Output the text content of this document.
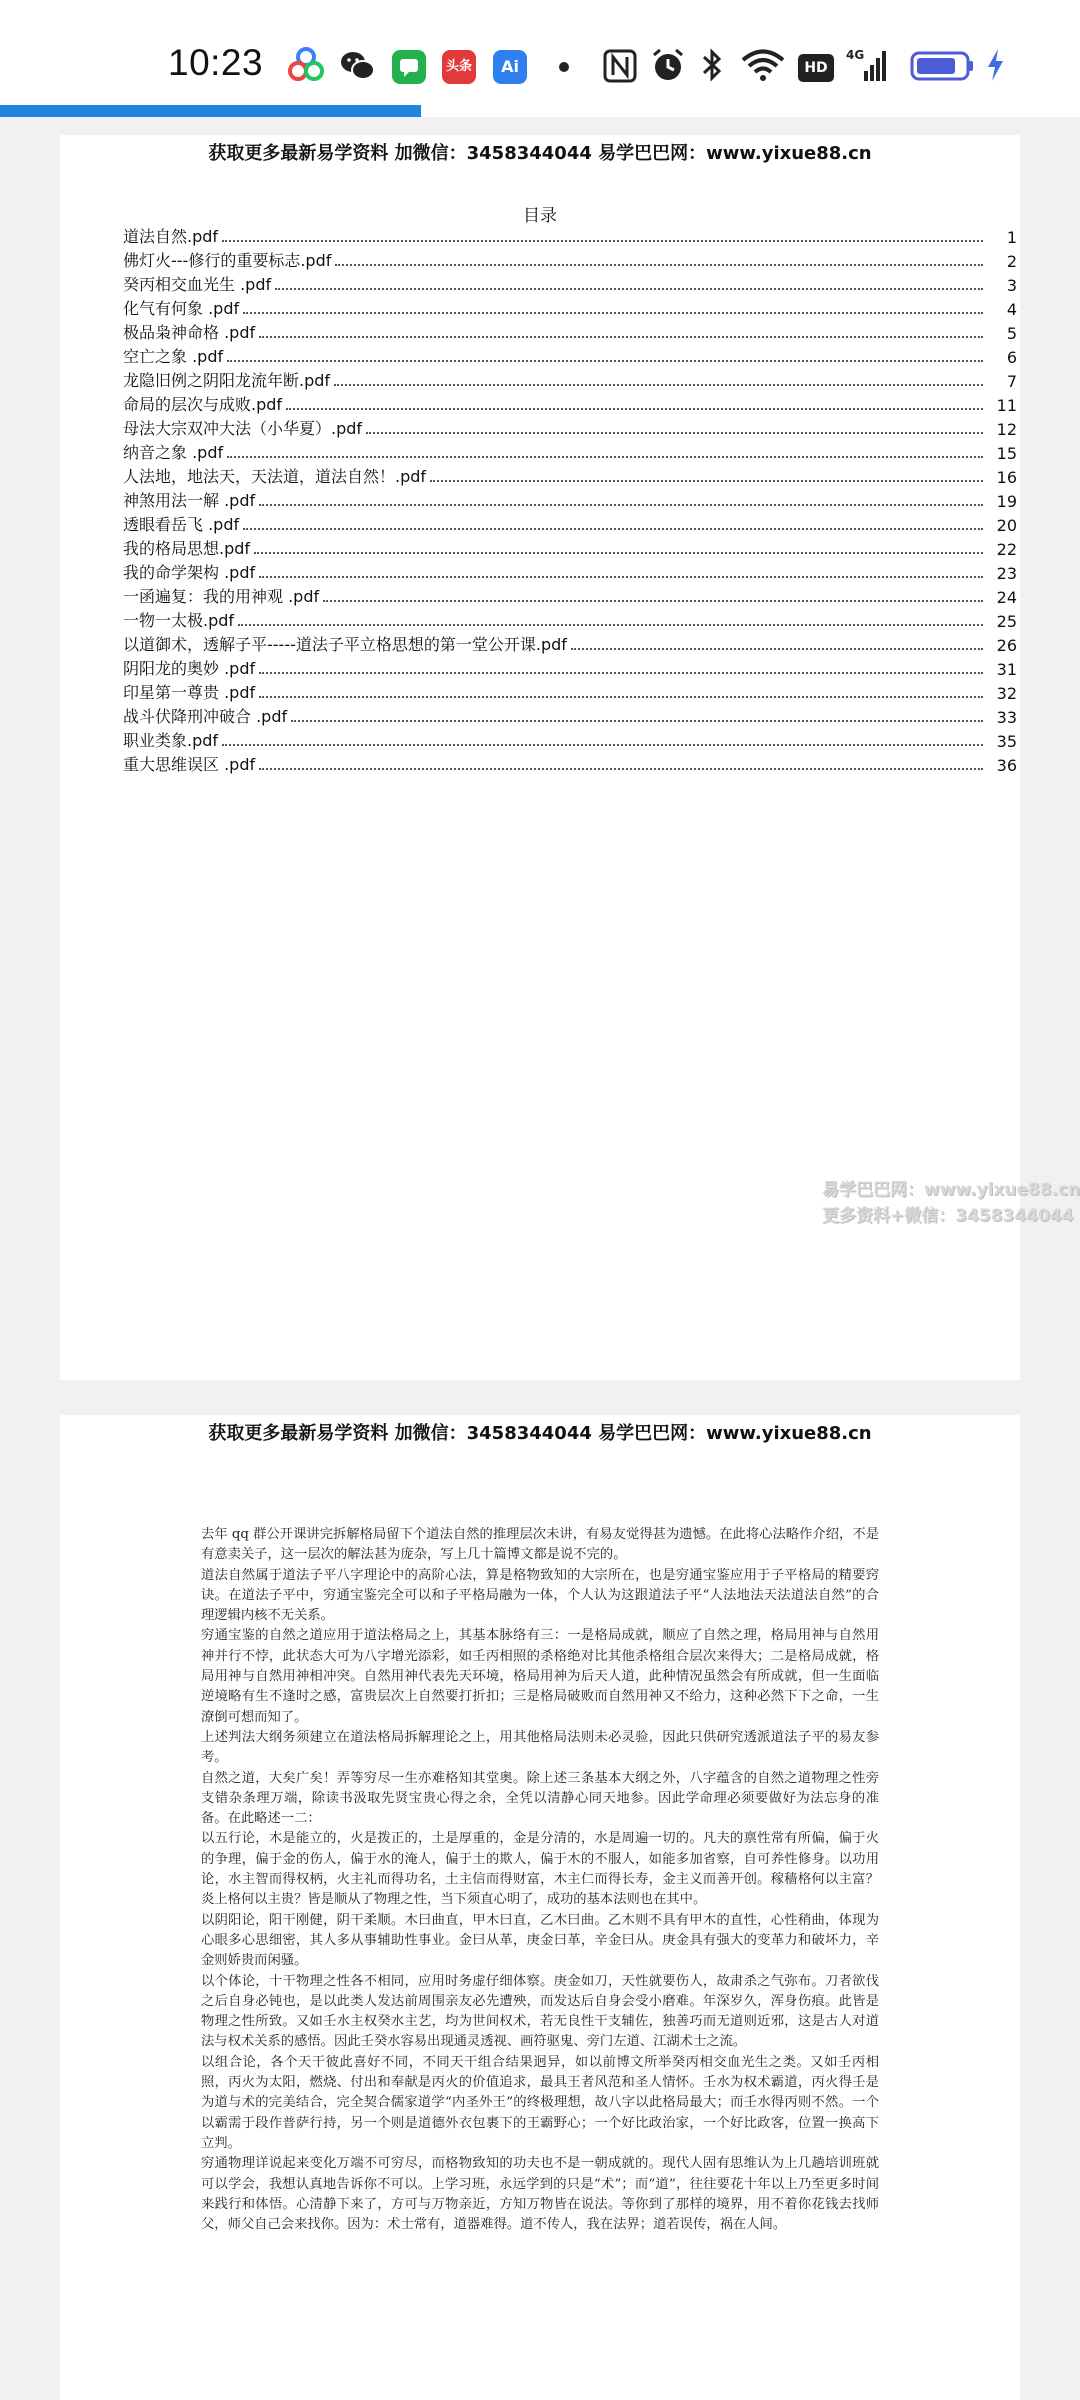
10:23	头条	Ai	HD
4G
获取更多最新易学资料 加微信：3458344044 易学巴巴网：www.yixue88.cn
目录
道法自然.pdf	1
佛灯火---修行的重要标志.pdf	2
癸丙相交血光生 .pdf	3
化气有何象 .pdf	4
极品枭神命格 .pdf	5
空亡之象 .pdf	6
龙隐旧例之阴阳龙流年断.pdf	7
命局的层次与成败.pdf	11
母法大宗双冲大法（小华夏）.pdf	12
纳音之象 .pdf	15
人法地，地法天，天法道，道法自然！.pdf	16
神煞用法一解 .pdf	19
透眼看岳飞 .pdf	20
我的格局思想.pdf	22
我的命学架构 .pdf	23
一函遍复：我的用神观 .pdf	24
一物一太极.pdf	25
以道御术，透解子平-----道法子平立格思想的第一堂公开课.pdf	26
阴阳龙的奥妙 .pdf	31
印星第一尊贵 .pdf	32
战斗伏降刑冲破合 .pdf	33
职业类象.pdf	35
重大思维误区 .pdf	36
易学巴巴网：www.yixue88.cn
更多资料+微信：3458344044
获取更多最新易学资料 加微信：3458344044 易学巴巴网：www.yixue88.cn

去年 qq 群公开课讲完拆解格局留下个道法自然的推理层次未讲，有易友觉得甚为遗憾。在此将心法略作介绍，不是有意卖关子，这一层次的解法甚为庞杂，写上几十篇博文都是说不完的。

道法自然属于道法子平八字理论中的高阶心法，算是格物致知的大宗所在，也是穷通宝鉴应用于子平格局的精要窍诀。在道法子平中，穷通宝鉴完全可以和子平格局融为一体，个人认为这跟道法子平“人法地法天法道法自然”的合理逻辑内核不无关系。

穷通宝鉴的自然之道应用于道法格局之上，其基本脉络有三：一是格局成就，顺应了自然之理，格局用神与自然用神并行不悖，此状态大可为八字增光添彩，如壬丙相照的杀格绝对比其他杀格组合层次来得大；二是格局成就，格局用神与自然用神相冲突。自然用神代表先天环境，格局用神为后天人道，此种情况虽然会有所成就，但一生面临逆境略有生不逢时之感，富贵层次上自然要打折扣；三是格局破败而自然用神又不给力，这种必然下下之命，一生潦倒可想而知了。

上述判法大纲务须建立在道法格局拆解理论之上，用其他格局法则未必灵验，因此只供研究透派道法子平的易友参考。

自然之道，大矣广矣！弄等穷尽一生亦难格知其堂奥。除上述三条基本大纲之外，八字蕴含的自然之道物理之性旁支错杂条理万端，除读书汲取先贤宝贵心得之余，全凭以清静心同天地参。因此学命理必须要做好为法忘身的准备。在此略述一二：

以五行论，木是能立的，火是拨正的，土是厚重的，金是分清的，水是周遍一切的。凡夫的禀性常有所偏，偏于火的争理，偏于金的伤人，偏于水的淹人，偏于土的欺人，偏于木的不服人，如能多加省察，自可养性修身。以功用论，水主智而得权柄，火主礼而得功名，土主信而得财富，木主仁而得长寿，金主义而善开创。稼穑格何以主富？炎上格何以主贵？皆是顺从了物理之性，当下须直心明了，成功的基本法则也在其中。

以阴阳论，阳干刚健，阴干柔顺。木曰曲直，甲木曰直，乙木曰曲。乙木则不具有甲木的直性，心性稍曲，体现为心眼多心思细密，其人多从事辅助性事业。金曰从革，庚金曰革，辛金曰从。庚金具有强大的变革力和破坏力，辛金则娇贵而闲骚。

以个体论，十干物理之性各不相同，应用时务虚仔细体察。庚金如刀，天性就要伤人，故肃杀之气弥布。刀者欲伐之后自身必钝也，是以此类人发达前周围亲友必先遭殃，而发达后自身会受小磨难。年深岁久，浑身伤痕。此皆是物理之性所致。又如壬水主权癸水主艺，均为世间权术，若无良性干支辅佐，独善巧而无道则近邪，这是古人对道法与权术关系的感悟。因此壬癸水容易出现通灵透视、画符驱鬼、旁门左道、江湖术士之流。

以组合论，各个天干彼此喜好不同，不同天干组合结果迥异，如以前博文所举癸丙相交血光生之类。又如壬丙相照，丙火为太阳，燃烧、付出和奉献是丙火的价值追求，最具王者风范和圣人情怀。壬水为权术霸道，丙火得壬是为道与术的完美结合，完全契合儒家道学“内圣外王”的终极理想，故八字以此格局最大；而壬水得丙则不然。一个以霸需于段作普萨行持，另一个则是道德外衣包裹下的王霸野心；一个好比政治家，一个好比政客，位置一换高下立判。

穷通物理详说起来变化万端不可穷尽，而格物致知的功夫也不是一朝成就的。现代人固有思维认为上几趟培训班就可以学会，我想认真地告诉你不可以。上学习班，永远学到的只是“术”；而“道”，往往要花十年以上乃至更多时间来践行和体悟。心清静下来了，方可与万物亲近，方知万物皆在说法。等你到了那样的境界，用不着你花钱去找师父，师父自己会来找你。因为：术士常有，道器难得。道不传人，我在法界；道若误传，祸在人间。
